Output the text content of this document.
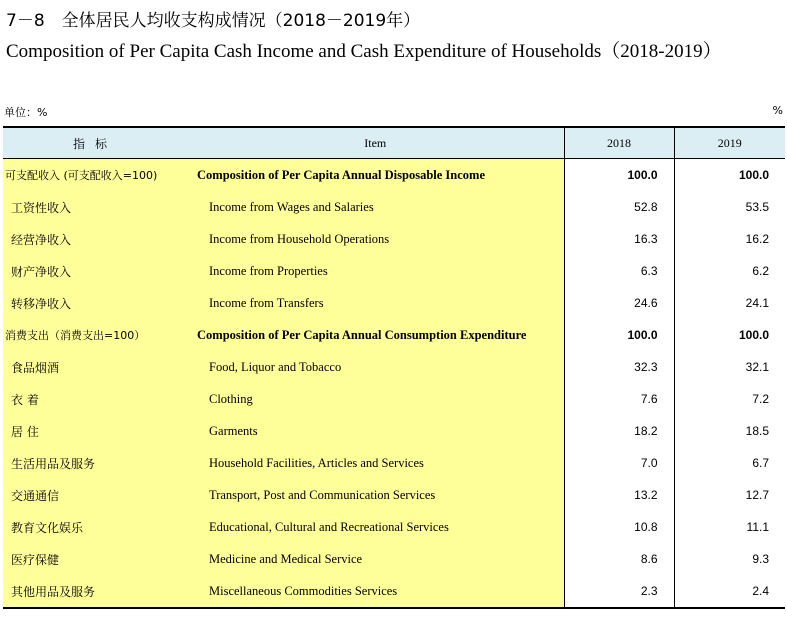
7－8　全体居民人均收支构成情况（2018－2019年）
Composition of Per Capita Cash Income and Cash Expenditure of Households（2018-2019）
单位：%	%
指标	Item	2018	2019
可支配收入 (可支配收入=100)	Composition of Per Capita Annual Disposable Income	100.0	100.0
工资性收入	Income from Wages and Salaries	52.8	53.5
经营净收入	Income from Household Operations	16.3	16.2
财产净收入	Income from Properties	6.3	6.2
转移净收入	Income from Transfers	24.6	24.1
消费支出（消费支出=100）	Composition of Per Capita Annual Consumption Expenditure	100.0	100.0
食品烟酒	Food, Liquor and Tobacco	32.3	32.1
衣 着	Clothing	7.6	7.2
居 住	Garments	18.2	18.5
生活用品及服务	Household Facilities, Articles and Services	7.0	6.7
交通通信	Transport, Post and Communication Services	13.2	12.7
教育文化娱乐	Educational, Cultural and Recreational Services	10.8	11.1
医疗保健	Medicine and Medical Service	8.6	9.3
其他用品及服务	Miscellaneous Commodities Services	2.3	2.4
